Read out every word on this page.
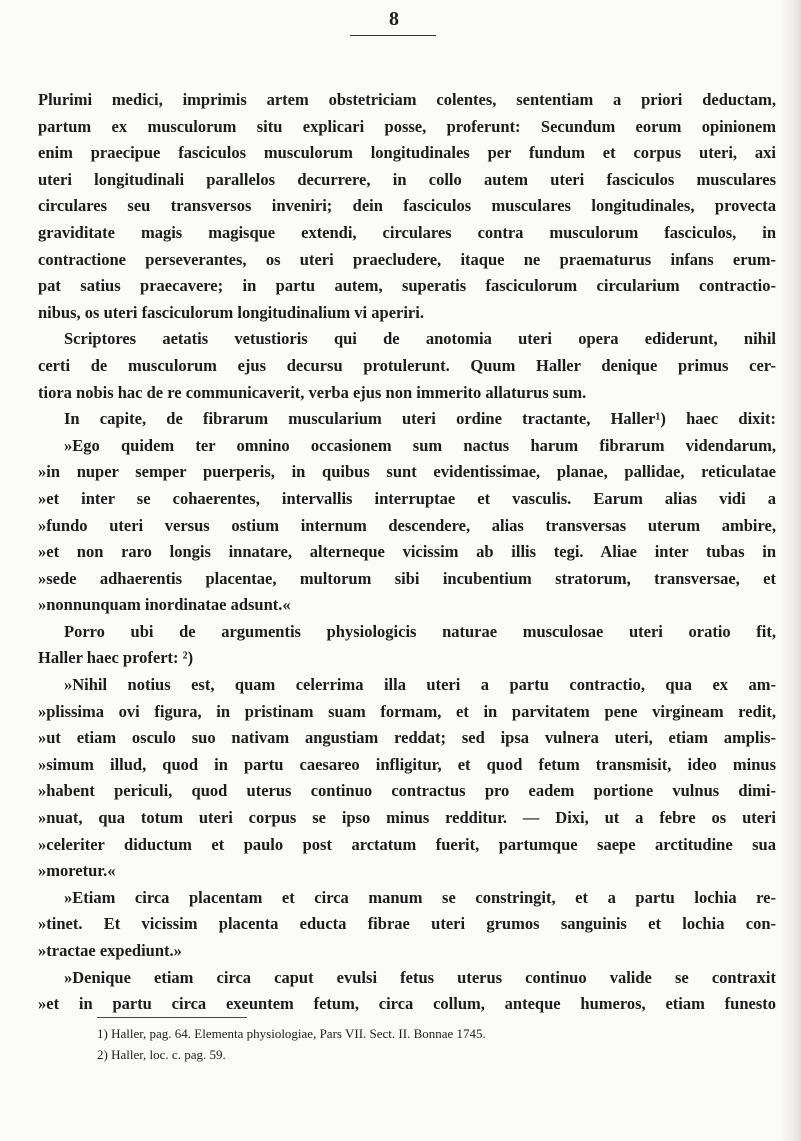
8
Plurimi medici, imprimis artem obstetriciam colentes, sententiam a priori deductam,
partum ex musculorum situ explicari posse, proferunt: Secundum eorum opinionem
enim praecipue fasciculos musculorum longitudinales per fundum et corpus uteri, axi
uteri longitudinali parallelos decurrere, in collo autem uteri fasciculos musculares
circulares seu transversos inveniri; dein fasciculos musculares longitudinales, provecta
graviditate magis magisque extendi, circulares contra musculorum fasciculos, in
contractione perseverantes, os uteri praecludere, itaque ne praematurus infans erum-
pat satius praecavere; in partu autem, superatis fasciculorum circularium contractio-
nibus, os uteri fasciculorum longitudinalium vi aperiri.
Scriptores aetatis vetustioris qui de anotomia uteri opera ediderunt, nihil
certi de musculorum ejus decursu protulerunt. Quum Haller denique primus cer-
tiora nobis hac de re communicaverit, verba ejus non immerito allaturus sum.
In capite, de fibrarum muscularium uteri ordine tractante, Haller¹) haec dixit:
»Ego quidem ter omnino occasionem sum nactus harum fibrarum videndarum,
»in nuper semper puerperis, in quibus sunt evidentissimae, planae, pallidae, reticulatae
»et inter se cohaerentes, intervallis interruptae et vasculis. Earum alias vidi a
»fundo uteri versus ostium internum descendere, alias transversas uterum ambire,
»et non raro longis innatare, alterneque vicissim ab illis tegi. Aliae inter tubas in
»sede adhaerentis placentae, multorum sibi incubentium stratorum, transversae, et
»nonnunquam inordinatae adsunt.«
Porro ubi de argumentis physiologicis naturae musculosae uteri oratio fit,
Haller haec profert: ²)
»Nihil notius est, quam celerrima illa uteri a partu contractio, qua ex am-
»plissima ovi figura, in pristinam suam formam, et in parvitatem pene virgineam redit,
»ut etiam osculo suo nativam angustiam reddat; sed ipsa vulnera uteri, etiam amplis-
»simum illud, quod in partu caesareo infligitur, et quod fetum transmisit, ideo minus
»habent periculi, quod uterus continuo contractus pro eadem portione vulnus dimi-
»nuat, qua totum uteri corpus se ipso minus redditur. — Dixi, ut a febre os uteri
»celeriter diductum et paulo post arctatum fuerit, partumque saepe arctitudine sua
»moretur.«
»Etiam circa placentam et circa manum se constringit, et a partu lochia re-
»tinet. Et vicissim placenta educta fibrae uteri grumos sanguinis et lochia con-
»tractae expediunt.»
»Denique etiam circa caput evulsi fetus uterus continuo valide se contraxit
»et in partu circa exeuntem fetum, circa collum, anteque humeros, etiam funesto
1) Haller, pag. 64. Elementa physiologiae, Pars VII. Sect. II. Bonnae 1745.
2) Haller, loc. c. pag. 59.
